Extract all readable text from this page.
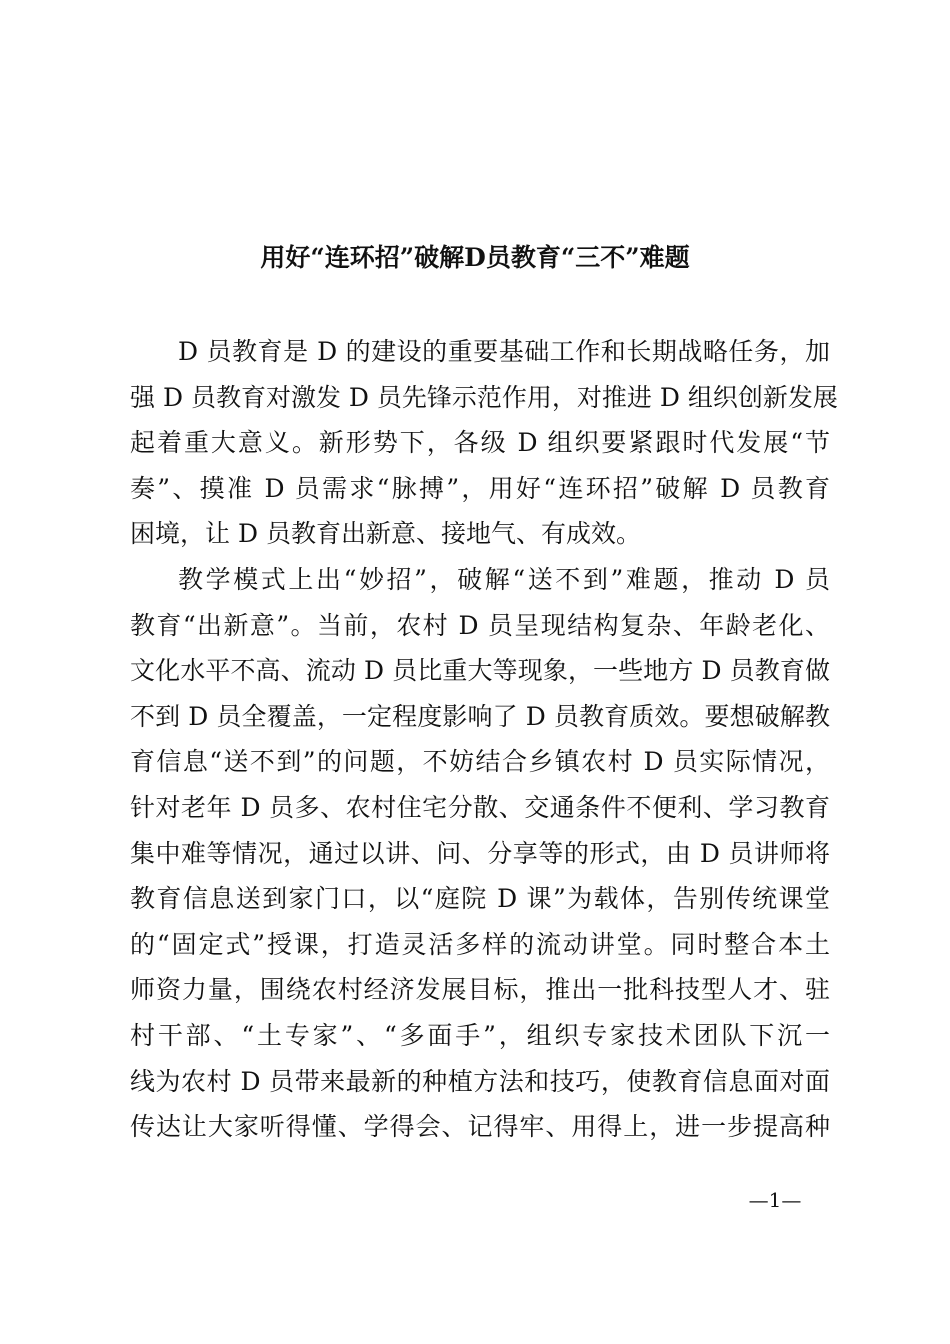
用好“连环招”破解D员教育“三不”难题
D 员教育是 D 的建设的重要基础工作和长期战略任务，加
强 D 员教育对激发 D 员先锋示范作用，对推进 D 组织创新发展
起着重大意义。新形势下，各级 D 组织要紧跟时代发展“节
奏”、摸准 D 员需求“脉搏”，用好“连环招”破解 D 员教育
困境，让 D 员教育出新意、接地气、有成效。
教学模式上出“妙招”，破解“送不到”难题，推动 D 员
教育“出新意”。当前，农村 D 员呈现结构复杂、年龄老化、
文化水平不高、流动 D 员比重大等现象，一些地方 D 员教育做
不到 D 员全覆盖，一定程度影响了 D 员教育质效。要想破解教
育信息“送不到”的问题，不妨结合乡镇农村 D 员实际情况，
针对老年 D 员多、农村住宅分散、交通条件不便利、学习教育
集中难等情况，通过以讲、问、分享等的形式，由 D 员讲师将
教育信息送到家门口，以“庭院 D 课”为载体，告别传统课堂
的“固定式”授课，打造灵活多样的流动讲堂。同时整合本土
师资力量，围绕农村经济发展目标，推出一批科技型人才、驻
村干部、“土专家”、“多面手”，组织专家技术团队下沉一
线为农村 D 员带来最新的种植方法和技巧，使教育信息面对面
传达让大家听得懂、学得会、记得牢、用得上，进一步提高种
—1—
